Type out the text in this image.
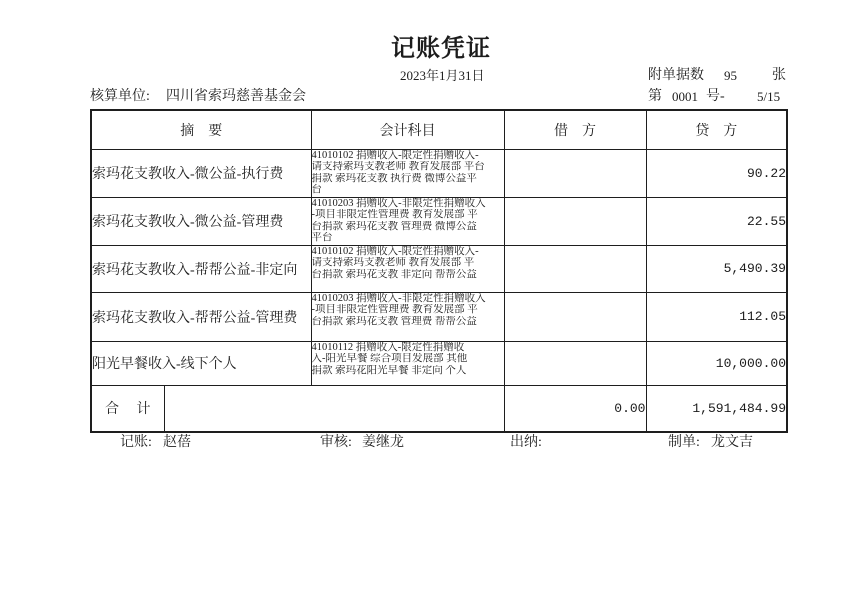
记账凭证
2023年1月31日	附单据数 95	张
核算单位: 四川省索玛慈善基金会	第 0001 号- 5/15
摘 要		会计科目	借 方	贷 方
索玛花支教收入-微公益-执行费		41010102 捐赠收入-限定性捐赠收入-
请支持索玛支教老师 教育发展部 平台
捐款 索玛花支教 执行费 微博公益平
台		90.22
索玛花支教收入-微公益-管理费		41010203 捐赠收入-非限定性捐赠收入
-项目非限定性管理费 教育发展部 平
台捐款 索玛花支教 管理费 微博公益
平台		22.55
索玛花支教收入-帮帮公益-非定向		41010102 捐赠收入-限定性捐赠收入-
请支持索玛支教老师 教育发展部 平
台捐款 索玛花支教 非定向 帮帮公益		5,490.39
索玛花支教收入-帮帮公益-管理费		41010203 捐赠收入-非限定性捐赠收入
-项目非限定性管理费 教育发展部 平
台捐款 索玛花支教 管理费 帮帮公益		112.05
阳光早餐收入-线下个人		41010112 捐赠收入-限定性捐赠收
入-阳光早餐 综合项目发展部 其他
捐款 索玛花阳光早餐 非定向 个人		10,000.00
合 计			0.00	1,591,484.99
记账: 赵蓓	审核: 姜继龙	出纳:	制单: 龙文吉
